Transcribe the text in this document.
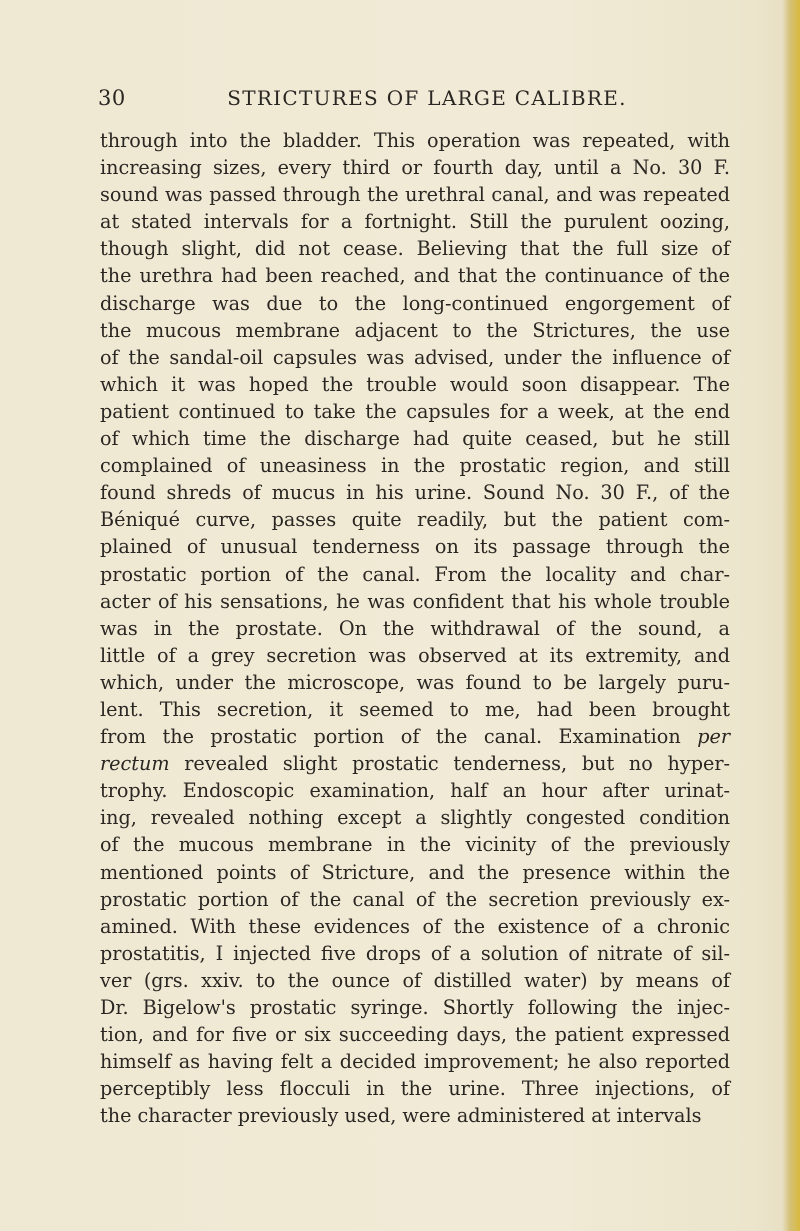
30	STRICTURES OF LARGE CALIBRE.
through into the bladder. This operation was repeated, with
increasing sizes, every third or fourth day, until a No. 30 F.
sound was passed through the urethral canal, and was repeated
at stated intervals for a fortnight. Still the purulent oozing,
though slight, did not cease. Believing that the full size of
the urethra had been reached, and that the continuance of the
discharge was due to the long-continued engorgement of
the mucous membrane adjacent to the Strictures, the use
of the sandal-oil capsules was advised, under the influence of
which it was hoped the trouble would soon disappear. The
patient continued to take the capsules for a week, at the end
of which time the discharge had quite ceased, but he still
complained of uneasiness in the prostatic region, and still
found shreds of mucus in his urine. Sound No. 30 F., of the
Béniqué curve, passes quite readily, but the patient com-
plained of unusual tenderness on its passage through the
prostatic portion of the canal. From the locality and char-
acter of his sensations, he was confident that his whole trouble
was in the prostate. On the withdrawal of the sound, a
little of a grey secretion was observed at its extremity, and
which, under the microscope, was found to be largely puru-
lent. This secretion, it seemed to me, had been brought
from the prostatic portion of the canal. Examination per
rectum revealed slight prostatic tenderness, but no hyper-
trophy. Endoscopic examination, half an hour after urinat-
ing, revealed nothing except a slightly congested condition
of the mucous membrane in the vicinity of the previously
mentioned points of Stricture, and the presence within the
prostatic portion of the canal of the secretion previously ex-
amined. With these evidences of the existence of a chronic
prostatitis, I injected five drops of a solution of nitrate of sil-
ver (grs. xxiv. to the ounce of distilled water) by means of
Dr. Bigelow's prostatic syringe. Shortly following the injec-
tion, and for five or six succeeding days, the patient expressed
himself as having felt a decided improvement; he also reported
perceptibly less flocculi in the urine. Three injections, of
the character previously used, were administered at intervals
